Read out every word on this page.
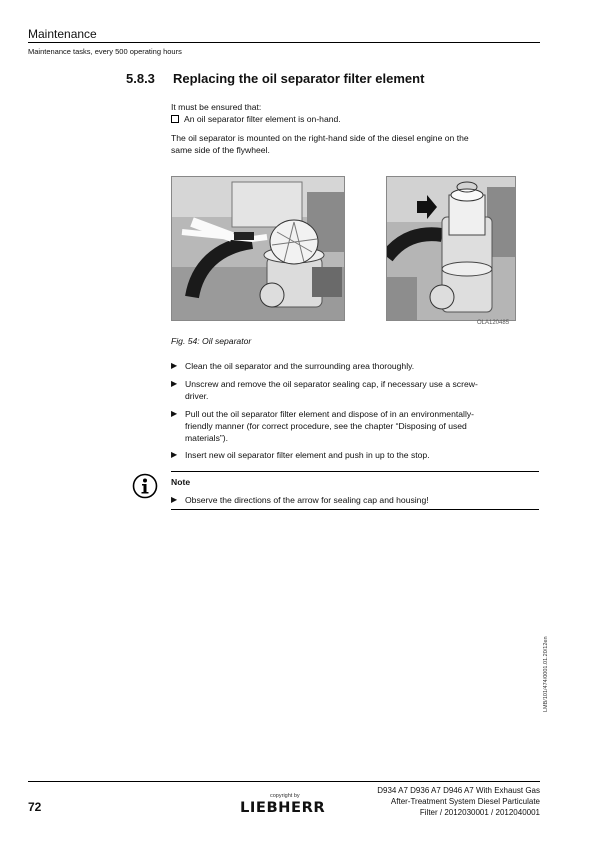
Maintenance
Maintenance tasks, every 500 operating hours
5.8.3 Replacing the oil separator filter element
It must be ensured that:
An oil separator filter element is on-hand.
The oil separator is mounted on the right-hand side of the diesel engine on the
same side of the flywheel.
OLA120485
Fig. 54: Oil separator
▶ Clean the oil separator and the surrounding area thoroughly.
▶ Unscrew and remove the oil separator sealing cap, if necessary use a screw-
driver.
▶ Pull out the oil separator filter element and dispose of in an environmentally-
friendly manner (for correct procedure, see the chapter “Disposing of used
materials”).
▶ Insert new oil separator filter element and push in up to the stop.
Note
▶ Observe the directions of the arrow for sealing cap and housing!
LMB/101/474/0001.01.20/12en
72
copyright by
LIEBHERR
D934 A7 D936 A7 D946 A7 With Exhaust Gas
After-Treatment System Diesel Particulate
Filter / 2012030001 / 2012040001
